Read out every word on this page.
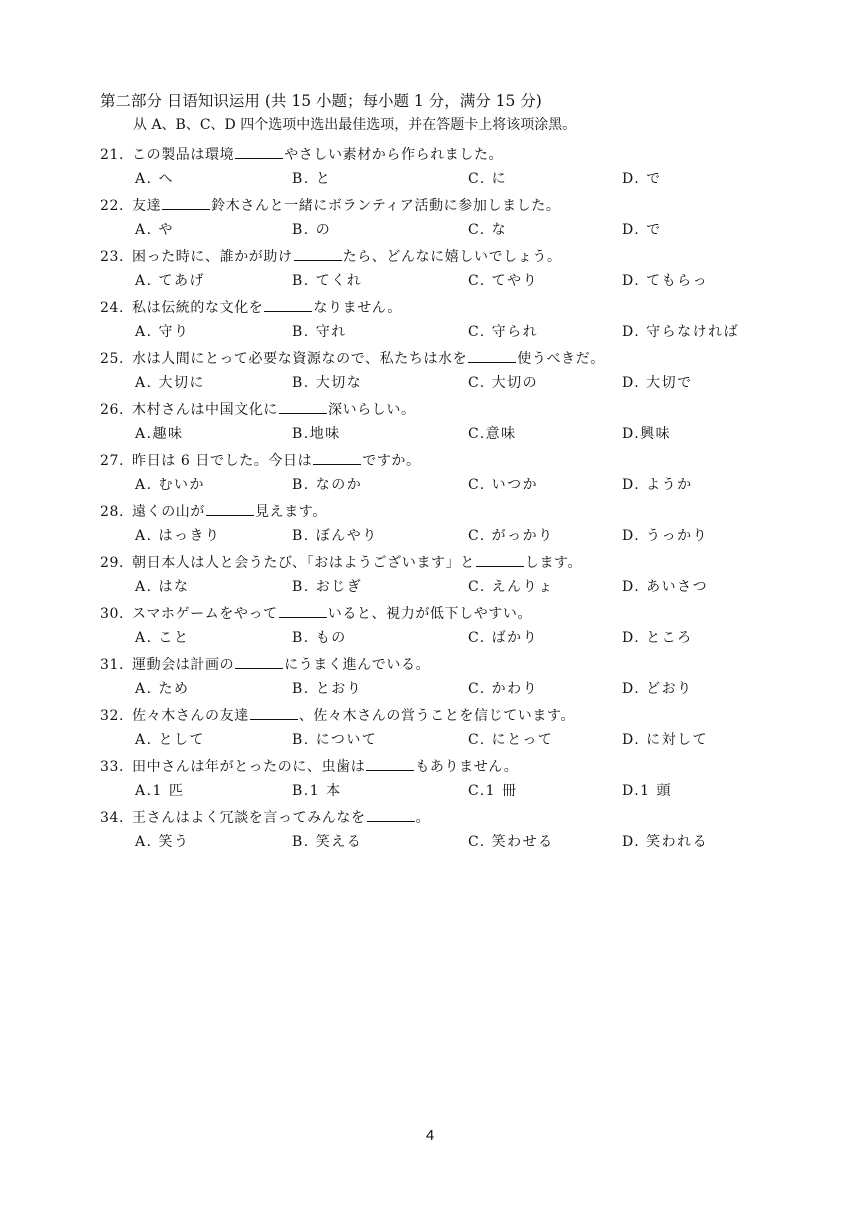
第二部分 日语知识运用 (共 15 小题；每小题 1 分，满分 15 分)
从 A、B、C、D 四个选项中选出最佳选项，并在答题卡上将该项涂黑。
21. この製品は環境	やさしい素材から作られました。
A. へ	B. と	C. に	D. で
22. 友達	鈴木さんと一緒にボランティア活動に参加しました。
A. や	B. の	C. な	D. で
23. 困った時に、誰かが助け	たら、どんなに嬉しいでしょう。
A. てあげ	B. てくれ	C. てやり	D. てもらっ
24. 私は伝統的な文化を	なりません。
A. 守り	B. 守れ	C. 守られ	D. 守らなければ
25. 水は人間にとって必要な資源なので、私たちは水を	使うべきだ。
A. 大切に	B. 大切な	C. 大切の	D. 大切で
26. 木村さんは中国文化に	深いらしい。
A.趣味	B.地味	C.意味	D.興味
27. 昨日は 6 日でした。今日は	ですか。
A. むいか	B. なのか	C. いつか	D. ようか
28. 遠くの山が	見えます。
A. はっきり	B. ぼんやり	C. がっかり	D. うっかり
29. 朝日本人は人と会うたび、「おはようございます」と	します。
A. はな	B. おじぎ	C. えんりょ	D. あいさつ
30. スマホゲームをやって	いると、視力が低下しやすい。
A. こと	B. もの	C. ばかり	D. ところ
31. 運動会は計画の	にうまく進んでいる。
A. ため	B. とおり	C. かわり	D. どおり
32. 佐々木さんの友達	、佐々木さんの営うことを信じています。
A. として	B. について	C. にとって	D. に対して
33. 田中さんは年がとったのに、虫歯は	もありません。
A.1 匹	B.1 本	C.1 冊	D.1 頭
34. 王さんはよく冗談を言ってみんなを	。
A. 笑う	B. 笑える	C. 笑わせる	D. 笑われる
4
